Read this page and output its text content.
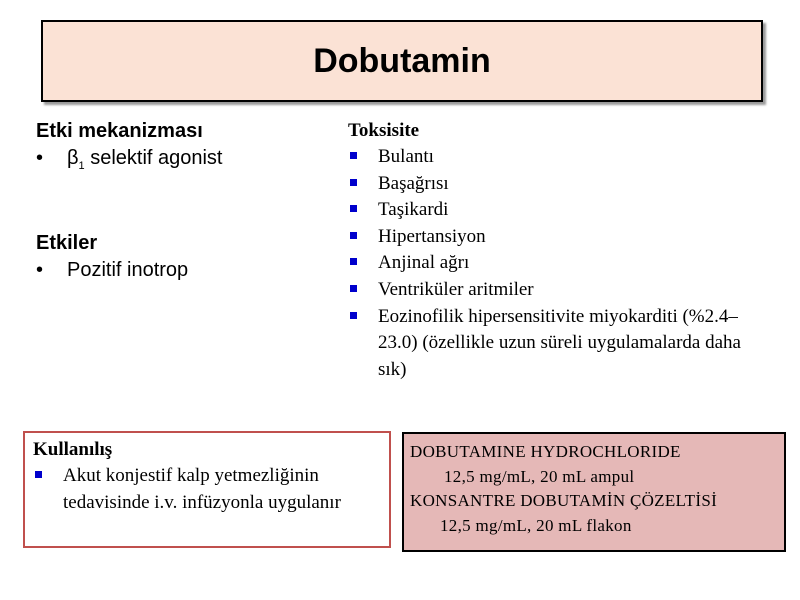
Dobutamin
Etki mekanizması
• $\beta_1$ selektif agonist
Etkiler
• Pozitif inotrop
Toksisite
Bulantı
Başağrısı
Taşikardi
Hipertansiyon
Anjinal ağrı
Ventriküler aritmiler
Eozinofilik hipersensitivite miyokarditi (%2.4–23.0) (özellikle uzun süreli uygulamalarda daha sık)
Kullanılış
Akut konjestif kalp yetmezliğinin tedavisinde i.v. infüzyonla uygulanır
DOBUTAMINE HYDROCHLORIDE
12,5 mg/mL, 20 mL ampul
KONSANTRE DOBUTAMİN ÇÖZELTİSİ
12,5 mg/mL, 20 mL flakon
